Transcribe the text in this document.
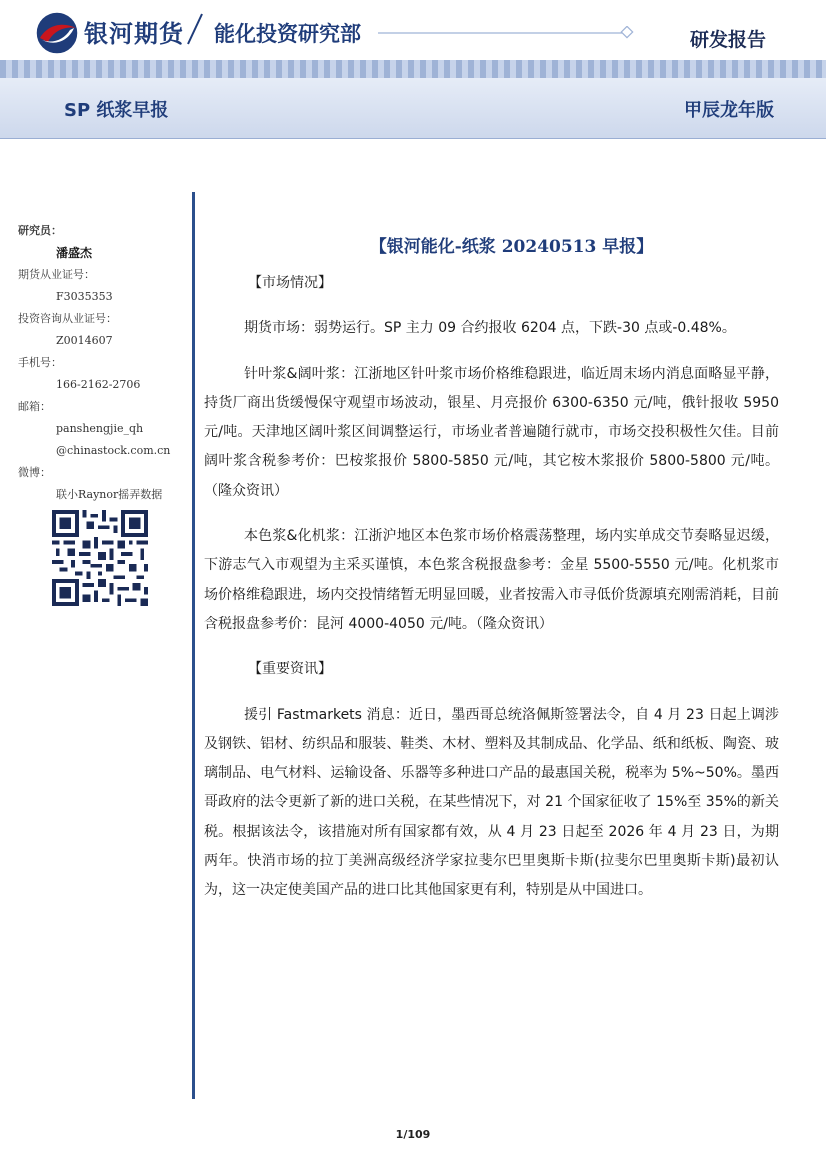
银河期货 能化投资研究部	研发报告
SP 纸浆早报	甲辰龙年版
研究员：
潘盛杰
期货从业证号：
F3035353
投资咨询从业证号：
Z0014607
手机号：
166-2162-2706
邮箱：
panshengjie_qh
@chinastock.com.cn
微博：
联小Raynor摇弄数据
【银河能化-纸浆 20240513 早报】

【市场情况】

期货市场：弱势运行。SP 主力 09 合约报收 6204 点，下跌-30 点或-0.48%。

针叶浆&阔叶浆：江浙地区针叶浆市场价格维稳跟进，临近周末场内消息面略显平静，持货厂商出货缓慢保守观望市场波动，银星、月亮报价 6300-6350 元/吨，俄针报收 5950 元/吨。天津地区阔叶浆区间调整运行，市场业者普遍随行就市，市场交投积极性欠佳。目前阔叶浆含税参考价：巴桉浆报价 5800-5850 元/吨，其它桉木浆报价 5800-5800 元/吨。（隆众资讯）

本色浆&化机浆：江浙沪地区本色浆市场价格震荡整理，场内实单成交节奏略显迟缓，下游志气入市观望为主采买谨慎，本色浆含税报盘参考：金星 5500-5550 元/吨。化机浆市场价格维稳跟进，场内交投情绪暂无明显回暖，业者按需入市寻低价货源填充刚需消耗，目前含税报盘参考价：昆河 4000-4050 元/吨。（隆众资讯）

【重要资讯】

援引 Fastmarkets 消息：近日，墨西哥总统洛佩斯签署法令，自 4 月 23 日起上调涉及钢铁、铝材、纺织品和服装、鞋类、木材、塑料及其制成品、化学品、纸和纸板、陶瓷、玻璃制品、电气材料、运输设备、乐器等多种进口产品的最惠国关税，税率为 5%~50%。墨西哥政府的法令更新了新的进口关税，在某些情况下，对 21 个国家征收了 15%至 35%的新关税。根据该法令，该措施对所有国家都有效，从 4 月 23 日起至 2026 年 4 月 23 日，为期两年。快消市场的拉丁美洲高级经济学家拉斐尔巴里奥斯卡斯(拉斐尔巴里奥斯卡斯)最初认为，这一决定使美国产品的进口比其他国家更有利，特别是从中国进口。

1/109
